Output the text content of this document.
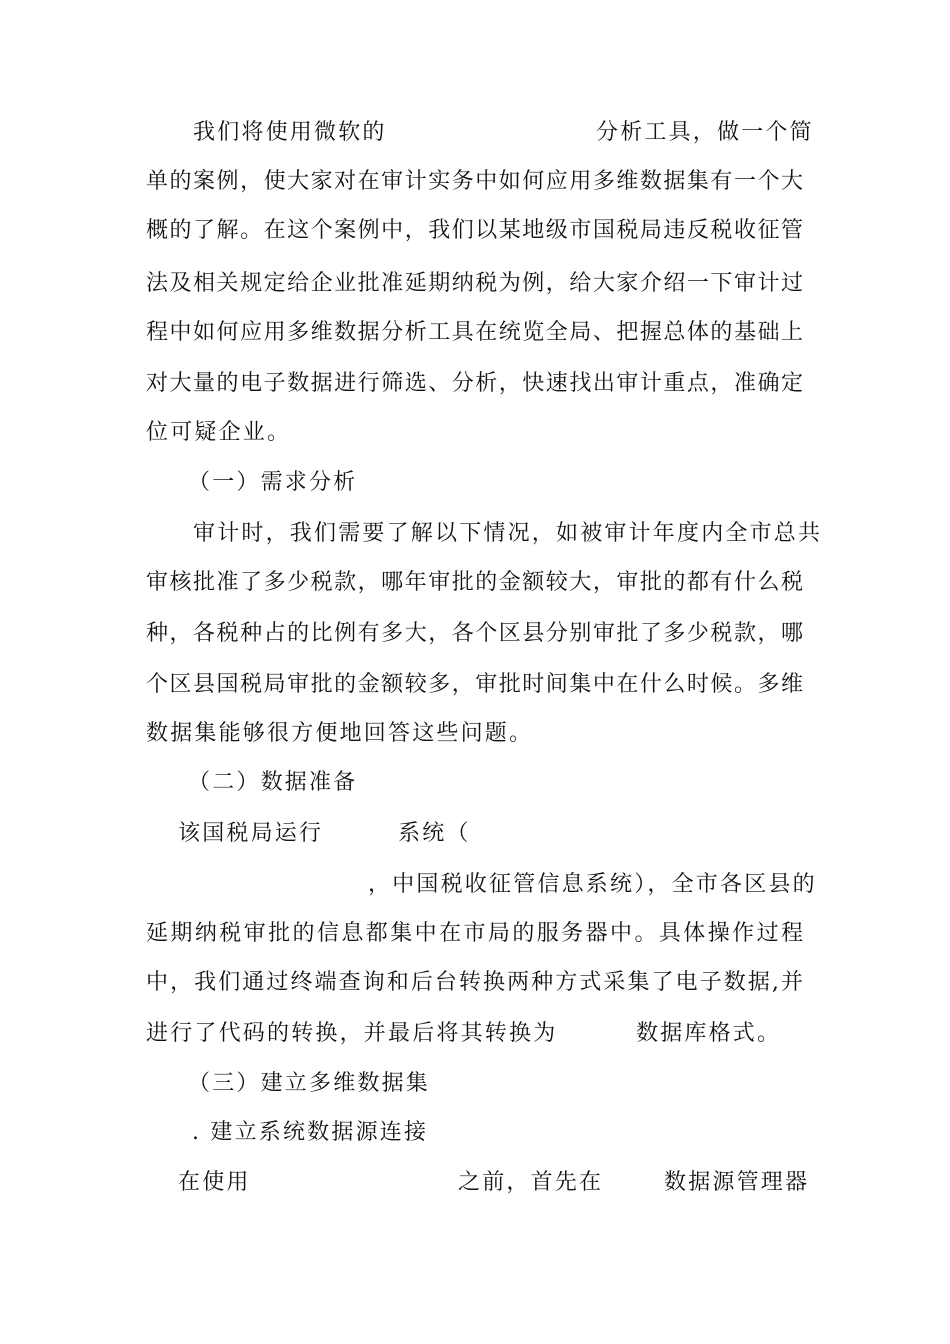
我们将使用微软的	分析工具，做一个简
单的案例，使大家对在审计实务中如何应用多维数据集有一个大
概的了解。在这个案例中，我们以某地级市国税局违反税收征管
法及相关规定给企业批准延期纳税为例，给大家介绍一下审计过
程中如何应用多维数据分析工具在统览全局、把握总体的基础上
对大量的电子数据进行筛选、分析，快速找出审计重点，准确定
位可疑企业。
（一）需求分析
审计时，我们需要了解以下情况，如被审计年度内全市总共
审核批准了多少税款，哪年审批的金额较大，审批的都有什么税
种，各税种占的比例有多大，各个区县分别审批了多少税款，哪
个区县国税局审批的金额较多，审批时间集中在什么时候。多维
数据集能够很方便地回答这些问题。
（二）数据准备
该国税局运行	系统（
，中国税收征管信息系统），全市各区县的
延期纳税审批的信息都集中在市局的服务器中。具体操作过程
中，我们通过终端查询和后台转换两种方式采集了电子数据,并
进行了代码的转换，并最后将其转换为	数据库格式。
（三）建立多维数据集
. 建立系统数据源连接
在使用	之前，首先在	数据源管理器
